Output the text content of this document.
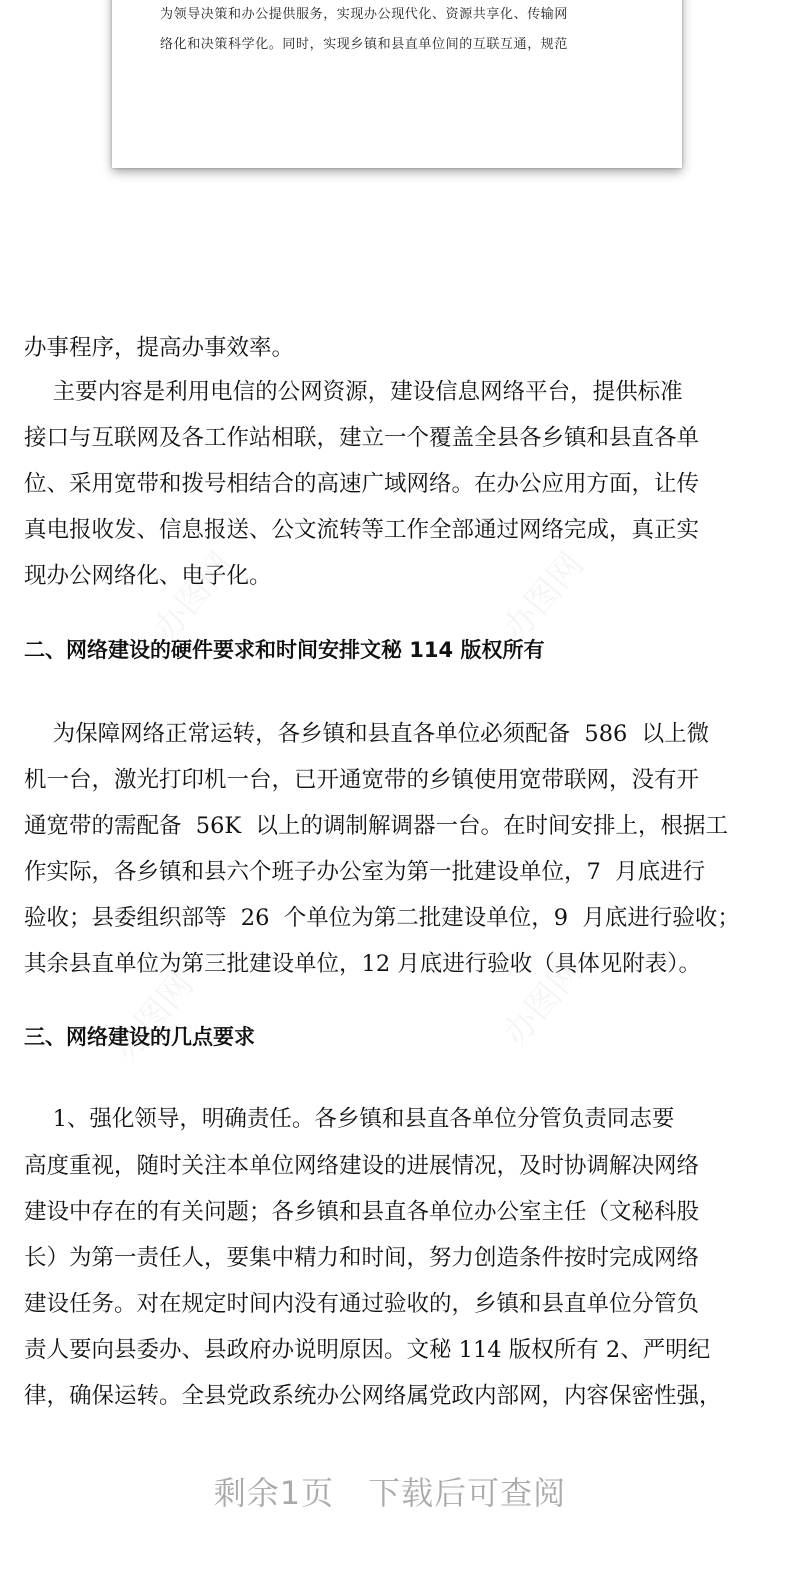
为领导决策和办公提供服务，实现办公现代化、资源共享化、传输网
络化和决策科学化。同时，实现乡镇和县直单位间的互联互通，规范
办事程序，提高办事效率。
主要内容是利用电信的公网资源，建设信息网络平台，提供标准
接口与互联网及各工作站相联，建立一个覆盖全县各乡镇和县直各单
位、采用宽带和拨号相结合的高速广域网络。在办公应用方面，让传
真电报收发、信息报送、公文流转等工作全部通过网络完成，真正实
现办公网络化、电子化。
二、网络建设的硬件要求和时间安排文秘 114 版权所有
为保障网络正常运转，各乡镇和县直各单位必须配备  586  以上微
机一台，激光打印机一台，已开通宽带的乡镇使用宽带联网，没有开
通宽带的需配备  56K  以上的调制解调器一台。在时间安排上，根据工
作实际，各乡镇和县六个班子办公室为第一批建设单位，7  月底进行
验收；县委组织部等  26  个单位为第二批建设单位，9  月底进行验收；
其余县直单位为第三批建设单位，12 月底进行验收（具体见附表）。
三、网络建设的几点要求
1、强化领导，明确责任。各乡镇和县直各单位分管负责同志要
高度重视，随时关注本单位网络建设的进展情况，及时协调解决网络
建设中存在的有关问题；各乡镇和县直各单位办公室主任（文秘科股
长）为第一责任人，要集中精力和时间，努力创造条件按时完成网络
建设任务。对在规定时间内没有通过验收的，乡镇和县直单位分管负
责人要向县委办、县政府办说明原因。文秘 114 版权所有 2、严明纪
律，确保运转。全县党政系统办公网络属党政内部网，内容保密性强，
剩余1页 下载后可查阅
